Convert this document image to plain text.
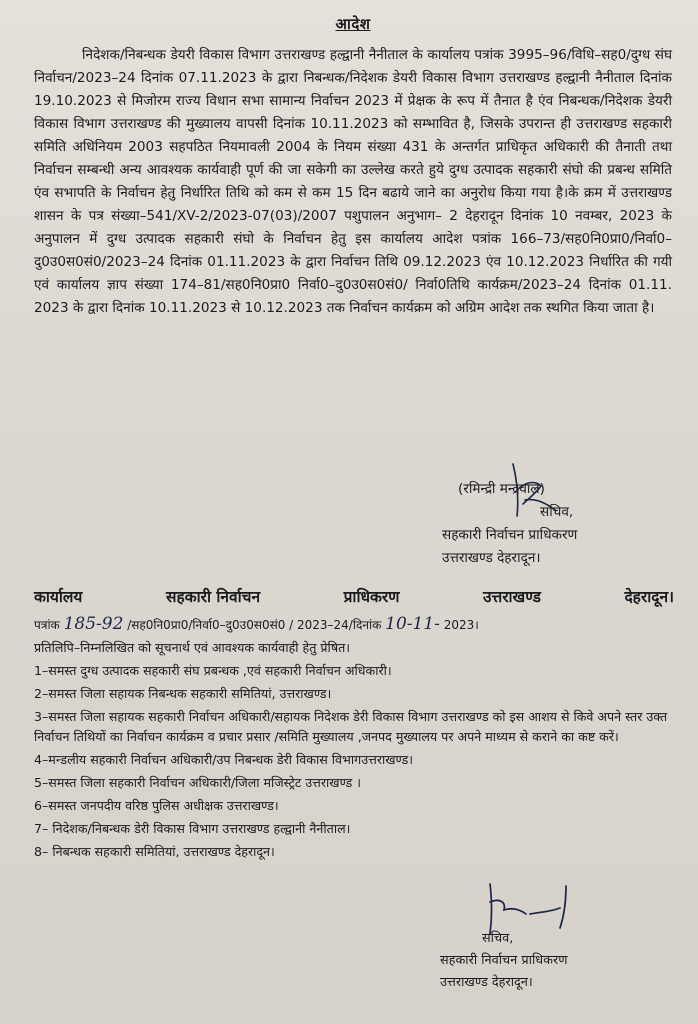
आदेश

निदेशक/निबन्धक डेयरी विकास विभाग उत्तराखण्ड हल्द्वानी नैनीताल के कार्यालय पत्रांक 3995–96/विधि–सह0/दुग्ध संघ निर्वाचन/2023–24 दिनांक 07.11.2023 के द्वारा निबन्धक/निदेशक डेयरी विकास विभाग उत्तराखण्ड हल्द्वानी नैनीताल दिनांक 19.10.2023 से मिजोरम राज्य विधान सभा सामान्य निर्वाचन 2023 में प्रेक्षक के रूप में तैनात है एंव निबन्धक/निदेशक डेयरी विकास विभाग उत्तराखण्ड की मुख्यालय वापसी दिनांक 10.11.2023 को सम्भावित है, जिसके उपरान्त ही उत्तराखण्ड सहकारी समिति अधिनियम 2003 सहपठित नियमावली 2004 के नियम संख्या 431 के अन्तर्गत प्राधिकृत अधिकारी की तैनाती तथा निर्वाचन सम्बन्धी अन्य आवश्यक कार्यवाही पूर्ण की जा सकेगी का उल्लेख करते हुये दुग्ध उत्पादक सहकारी संघो की प्रबन्ध समिति एंव सभापति के निर्वाचन हेतु निर्धारित तिथि को कम से कम 15 दिन बढाये जाने का अनुरोध किया गया है।के क्रम में उत्तराखण्ड शासन के पत्र संख्या–541/XV-2/2023-07(03)/2007 पशुपालन अनुभाग– 2 देहरादून दिनांक 10 नवम्बर, 2023 के अनुपालन में दुग्ध उत्पादक सहकारी संघो के निर्वाचन हेतु इस कार्यालय आदेश पत्रांक 166–73/सह0नि0प्रा0/निर्वा0–दु0उ0स0सं0/2023–24 दिनांक 01.11.2023 के द्वारा निर्वाचन तिथि 09.12.2023 एंव 10.12.2023 निर्धारित की गयी एवं कार्यालय ज्ञाप संख्या 174–81/सह0नि0प्रा0 निर्वा0–दु0उ0स0सं0/ निर्वा0तिथि कार्यक्रम/2023–24 दिनांक 01.11. 2023 के द्वारा दिनांक 10.11.2023 से 10.12.2023 तक निर्वाचन कार्यक्रम को अग्रिम आदेश तक स्थगित किया जाता है।

(रमिन्द्री मन्द्रवाल)
सचिव,
सहकारी निर्वाचन प्राधिकरण
उत्तराखण्ड देहरादून।
कार्यालय	सहकारी निर्वाचन	प्राधिकरण	उत्तराखण्ड	देहरादून।
पत्रांक 185-92 /सह0नि0प्रा0/निर्वा0–दु0उ0स0सं0 / 2023–24/दिनांक 10-11- 2023।

प्रतिलिपि–निम्नलिखित को सूचनार्थ एवं आवश्यक कार्यवाही हेतु प्रेषित।

1–समस्त दुग्ध उत्पादक सहकारी संघ प्रबन्धक ,एवं सहकारी निर्वाचन अधिकारी।

2–समस्त जिला सहायक निबन्धक सहकारी समितियां, उत्तराखण्ड।

3–समस्त जिला सहायक सहकारी निर्वाचन अधिकारी/सहायक निदेशक डेरी विकास विभाग उत्तराखण्ड को इस आशय से किवे अपने स्तर उक्त निर्वाचन तिथियों का निर्वाचन कार्यक्रम व प्रचार प्रसार /समिति मुख्यालय ,जनपद मुख्यालय पर अपने माध्यम से कराने का कष्ट करें।

4–मन्डलीय सहकारी निर्वाचन अधिकारी/उप निबन्धक डेरी विकास विभागउत्तराखण्ड।

5–समस्त जिला सहकारी निर्वाचन अधिकारी/जिला मजिस्ट्रेट उत्तराखण्ड ।

6–समस्त जनपदीय वरिष्ठ पुलिस अधीक्षक उत्तराखण्ड।

7– निदेशक/निबन्धक डेरी विकास विभाग उत्तराखण्ड हल्द्वानी नैनीताल।

8– निबन्धक सहकारी समितियां, उत्तराखण्ड देहरादून।

सचिव,
सहकारी निर्वाचन प्राधिकरण
उत्तराखण्ड देहरादून।
